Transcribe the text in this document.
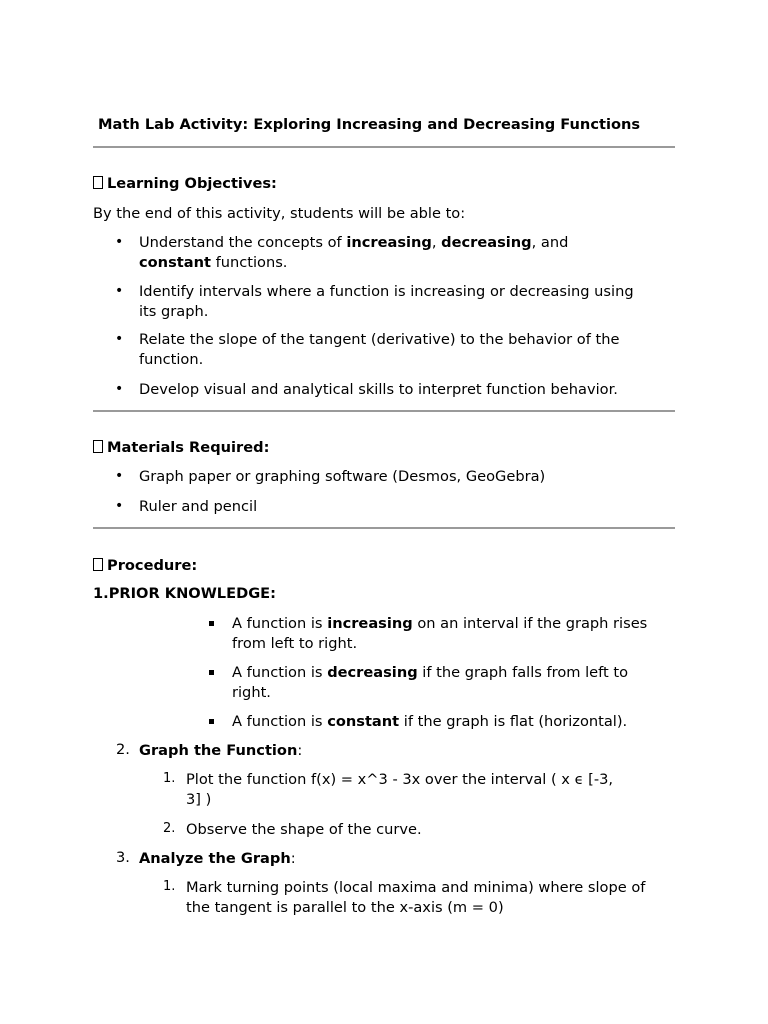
Math Lab Activity: Exploring Increasing and Decreasing Functions
Learning Objectives:
By the end of this activity, students will be able to:
• Understand the concepts of increasing, decreasing, and
constant functions.
• Identify intervals where a function is increasing or decreasing using
its graph.
• Relate the slope of the tangent (derivative) to the behavior of the
function.
• Develop visual and analytical skills to interpret function behavior.
Materials Required:
• Graph paper or graphing software (Desmos, GeoGebra)
• Ruler and pencil
Procedure:
1.PRIOR KNOWLEDGE:
A function is increasing on an interval if the graph rises
from left to right.
A function is decreasing if the graph falls from left to
right.
A function is constant if the graph is flat (horizontal).
2. Graph the Function:
1. Plot the function f(x) = x^3 - 3x over the interval ( x ϵ [-3,
3] )
2. Observe the shape of the curve.
3. Analyze the Graph:
1. Mark turning points (local maxima and minima) where slope of
the tangent is parallel to the x-axis (m = 0)
